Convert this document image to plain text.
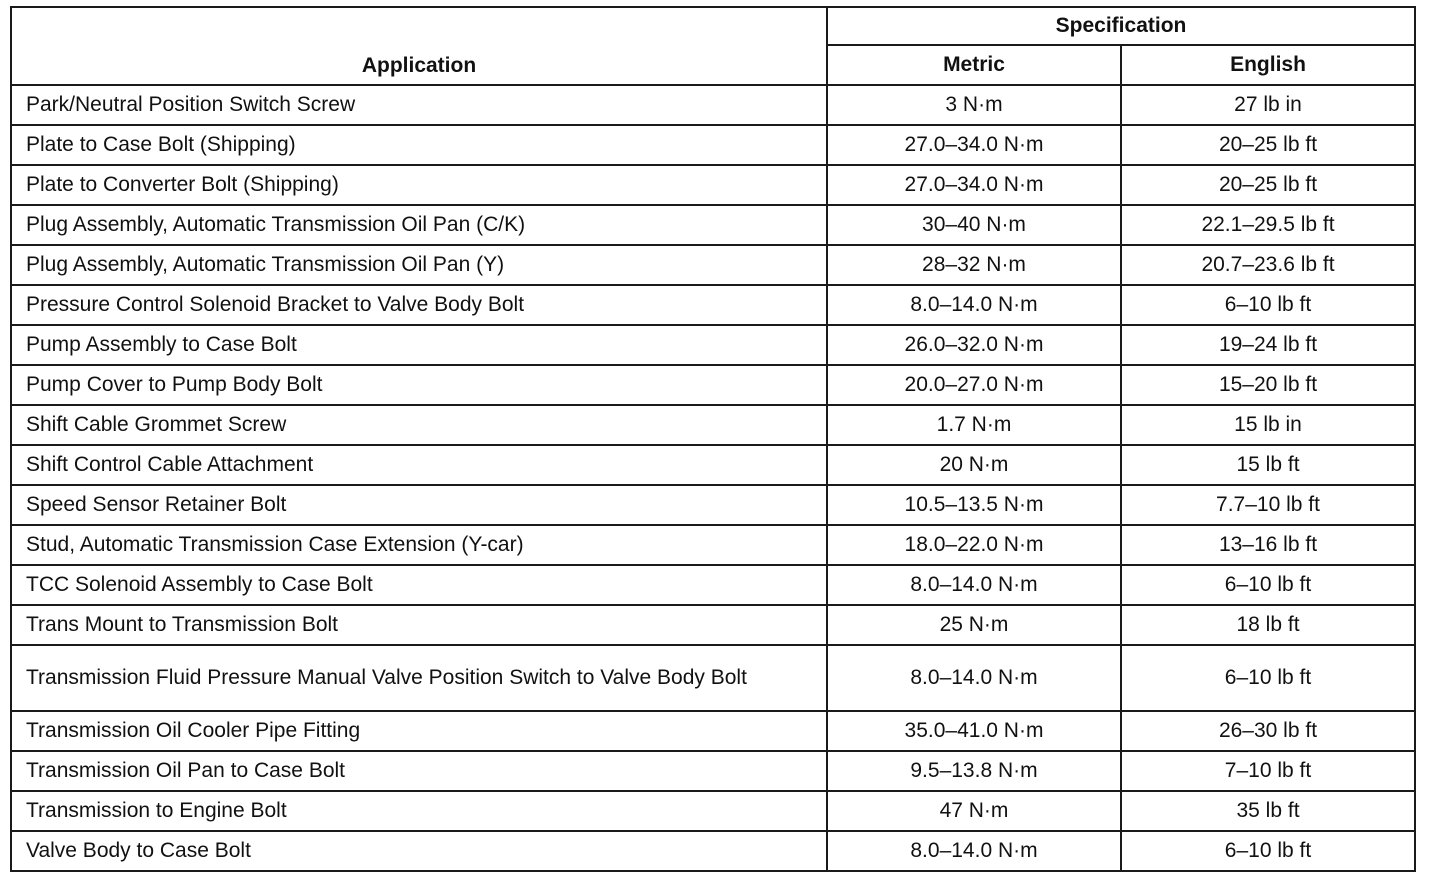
Application	Specification	
	Metric	English
Park/Neutral Position Switch Screw	3 N·m	27 lb in
Plate to Case Bolt (Shipping)	27.0–34.0 N·m	20–25 lb ft
Plate to Converter Bolt (Shipping)	27.0–34.0 N·m	20–25 lb ft
Plug Assembly, Automatic Transmission Oil Pan (C/K)	30–40 N·m	22.1–29.5 lb ft
Plug Assembly, Automatic Transmission Oil Pan (Y)	28–32 N·m	20.7–23.6 lb ft
Pressure Control Solenoid Bracket to Valve Body Bolt	8.0–14.0 N·m	6–10 lb ft
Pump Assembly to Case Bolt	26.0–32.0 N·m	19–24 lb ft
Pump Cover to Pump Body Bolt	20.0–27.0 N·m	15–20 lb ft
Shift Cable Grommet Screw	1.7 N·m	15 lb in
Shift Control Cable Attachment	20 N·m	15 lb ft
Speed Sensor Retainer Bolt	10.5–13.5 N·m	7.7–10 lb ft
Stud, Automatic Transmission Case Extension (Y-car)	18.0–22.0 N·m	13–16 lb ft
TCC Solenoid Assembly to Case Bolt	8.0–14.0 N·m	6–10 lb ft
Trans Mount to Transmission Bolt	25 N·m	18 lb ft
Transmission Fluid Pressure Manual Valve Position Switch to Valve Body Bolt	8.0–14.0 N·m	6–10 lb ft
Transmission Oil Cooler Pipe Fitting	35.0–41.0 N·m	26–30 lb ft
Transmission Oil Pan to Case Bolt	9.5–13.8 N·m	7–10 lb ft
Transmission to Engine Bolt	47 N·m	35 lb ft
Valve Body to Case Bolt	8.0–14.0 N·m	6–10 lb ft
